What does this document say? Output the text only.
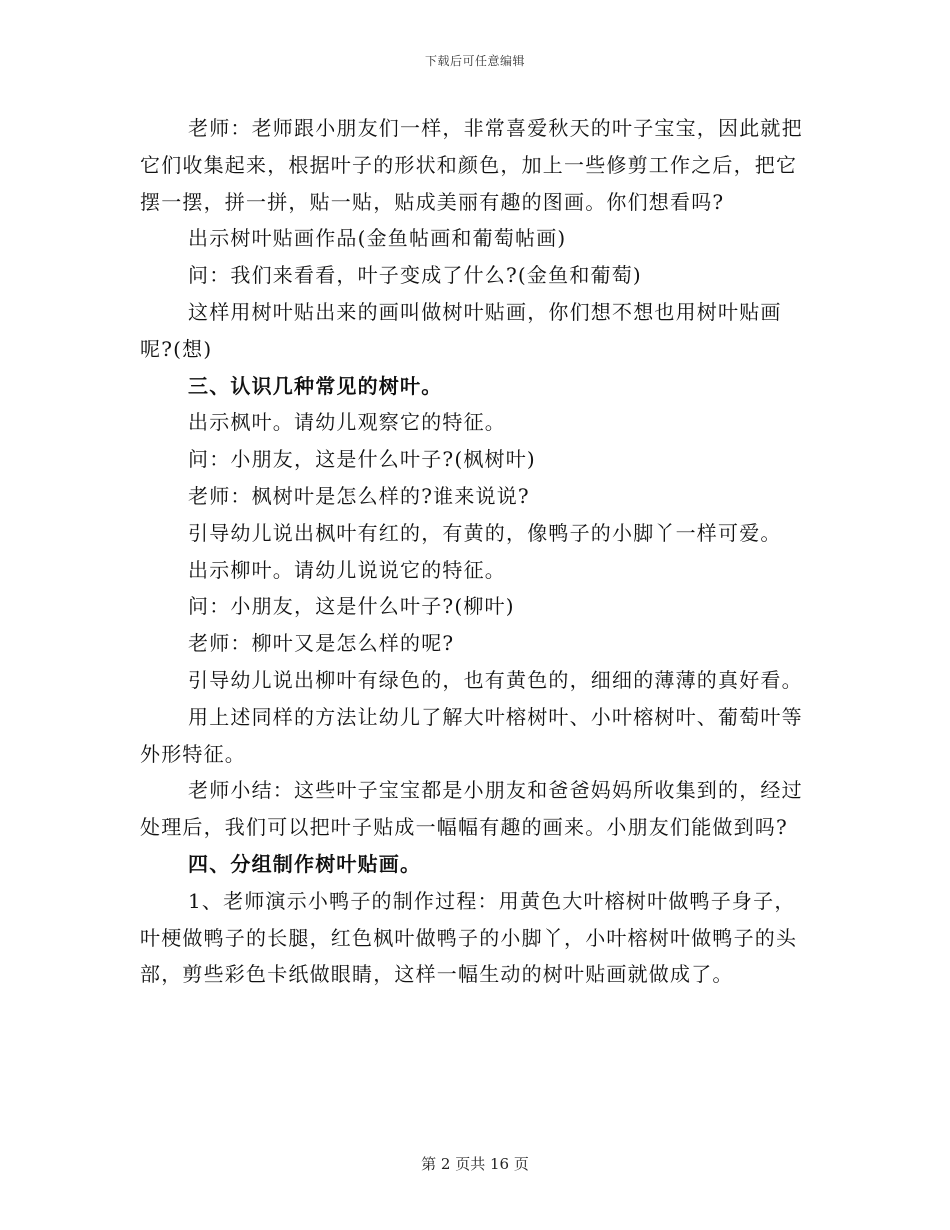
下载后可任意编辑

老师：老师跟小朋友们一样，非常喜爱秋天的叶子宝宝，因此就把它们收集起来，根据叶子的形状和颜色，加上一些修剪工作之后，把它摆一摆，拼一拼，贴一贴，贴成美丽有趣的图画。你们想看吗?

出示树叶贴画作品(金鱼帖画和葡萄帖画)

问：我们来看看，叶子变成了什么?(金鱼和葡萄)

这样用树叶贴出来的画叫做树叶贴画，你们想不想也用树叶贴画呢?(想)

三、认识几种常见的树叶。

出示枫叶。请幼儿观察它的特征。

问：小朋友，这是什么叶子?(枫树叶)

老师：枫树叶是怎么样的?谁来说说?

引导幼儿说出枫叶有红的，有黄的，像鸭子的小脚丫一样可爱。

出示柳叶。请幼儿说说它的特征。

问：小朋友，这是什么叶子?(柳叶)

老师：柳叶又是怎么样的呢?

引导幼儿说出柳叶有绿色的，也有黄色的，细细的薄薄的真好看。

用上述同样的方法让幼儿了解大叶榕树叶、小叶榕树叶、葡萄叶等外形特征。

老师小结：这些叶子宝宝都是小朋友和爸爸妈妈所收集到的，经过处理后，我们可以把叶子贴成一幅幅有趣的画来。小朋友们能做到吗?

四、分组制作树叶贴画。

1、老师演示小鸭子的制作过程：用黄色大叶榕树叶做鸭子身子，叶梗做鸭子的长腿，红色枫叶做鸭子的小脚丫，小叶榕树叶做鸭子的头部，剪些彩色卡纸做眼睛，这样一幅生动的树叶贴画就做成了。

第 2 页共 16 页
